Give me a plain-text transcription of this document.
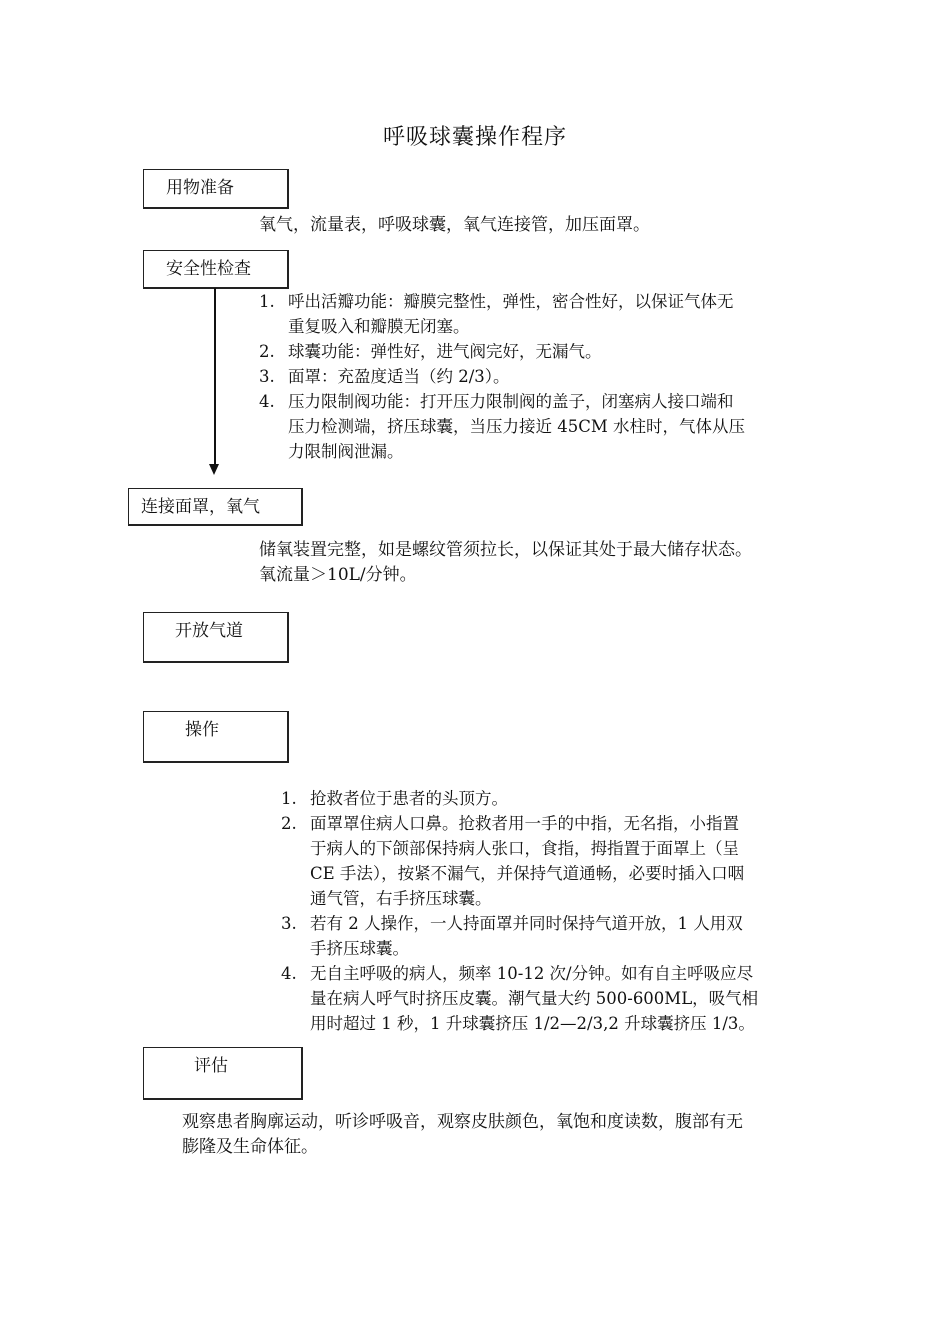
呼吸球囊操作程序
用物准备
氧气，流量表，呼吸球囊，氧气连接管，加压面罩。
安全性检查
1. 呼出活瓣功能：瓣膜完整性，弹性，密合性好，以保证气体无
重复吸入和瓣膜无闭塞。
2. 球囊功能：弹性好，进气阀完好，无漏气。
3. 面罩：充盈度适当（约 2/3）。
4. 压力限制阀功能：打开压力限制阀的盖子，闭塞病人接口端和
压力检测端，挤压球囊，当压力接近 45CM 水柱时，气体从压
力限制阀泄漏。
连接面罩，氧气
储氧装置完整，如是螺纹管须拉长，以保证其处于最大储存状态。
氧流量＞10L/分钟。
开放气道
操作
1. 抢救者位于患者的头顶方。
2. 面罩罩住病人口鼻。抢救者用一手的中指，无名指，小指置
于病人的下颌部保持病人张口，食指，拇指置于面罩上（呈
CE 手法），按紧不漏气，并保持气道通畅，必要时插入口咽
通气管，右手挤压球囊。
3. 若有 2 人操作，一人持面罩并同时保持气道开放，1 人用双
手挤压球囊。
4. 无自主呼吸的病人，频率 10-12 次/分钟。如有自主呼吸应尽
量在病人呼气时挤压皮囊。潮气量大约 500-600ML，吸气相
用时超过 1 秒，1 升球囊挤压 1/2—2/3,2 升球囊挤压 1/3。
评估
观察患者胸廓运动，听诊呼吸音，观察皮肤颜色，氧饱和度读数，腹部有无
膨隆及生命体征。
